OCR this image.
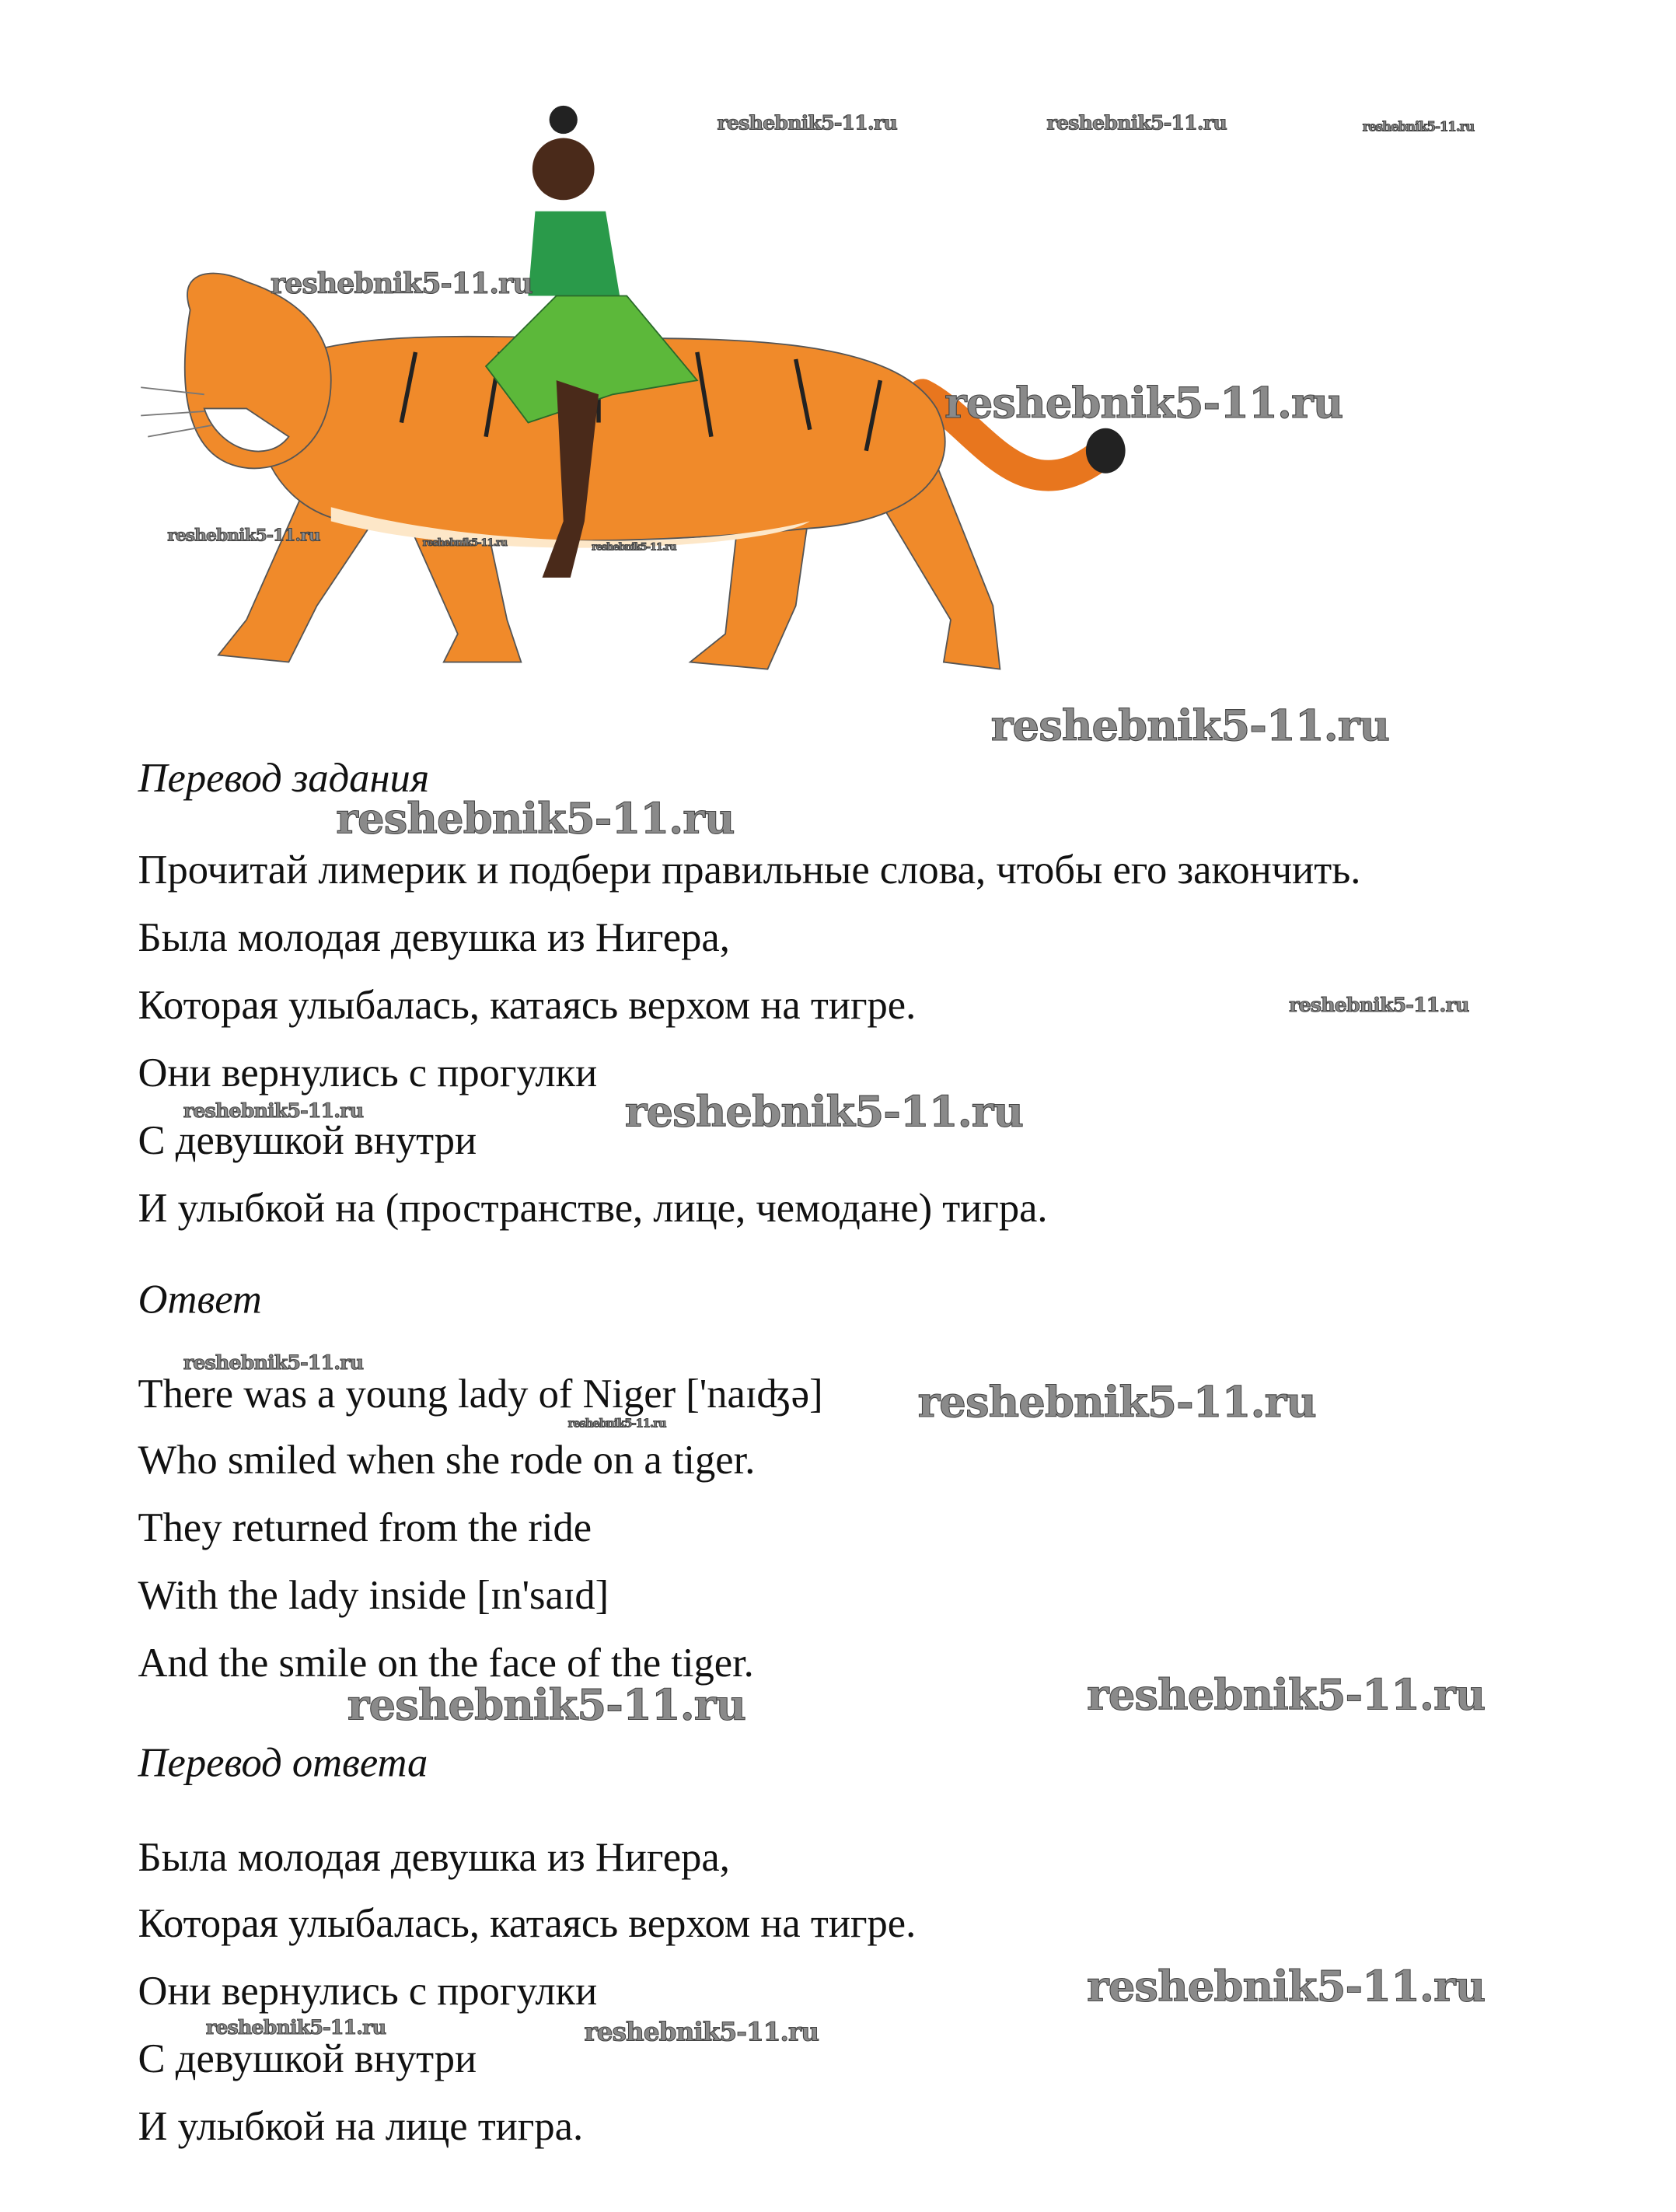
reshebnik5-11.ru	reshebnik5-11.ru	reshebnik5-11.ru
reshebnik5-11.ru
reshebnik5-11.ru
reshebnik5-11.ru	reshebnik5-11.ru	reshebnik5-11.ru
reshebnik5-11.ru
Перевод задания
reshebnik5-11.ru
Прочитай лимерик и подбери правильные слова, чтобы его закончить.
Была молодая девушка из Нигера,
Которая улыбалась, катаясь верхом на тигре.	reshebnik5-11.ru
Они вернулись с прогулки
reshebnik5-11.ru	reshebnik5-11.ru
С девушкой внутри
И улыбкой на (пространстве, лице, чемодане) тигра.
Ответ
reshebnik5-11.ru
There was a young lady of Niger ['naɪʤə]	reshebnik5-11.ru
reshebnik5-11.ru
Who smiled when she rode on a tiger.
They returned from the ride
With the lady inside [ɪn'saɪd]
And the smile on the face of the tiger.
reshebnik5-11.ru	reshebnik5-11.ru
Перевод ответа
Была молодая девушка из Нигера,
Которая улыбалась, катаясь верхом на тигре.
Они вернулись с прогулки	reshebnik5-11.ru
reshebnik5-11.ru	reshebnik5-11.ru
С девушкой внутри
И улыбкой на лице тигра.
